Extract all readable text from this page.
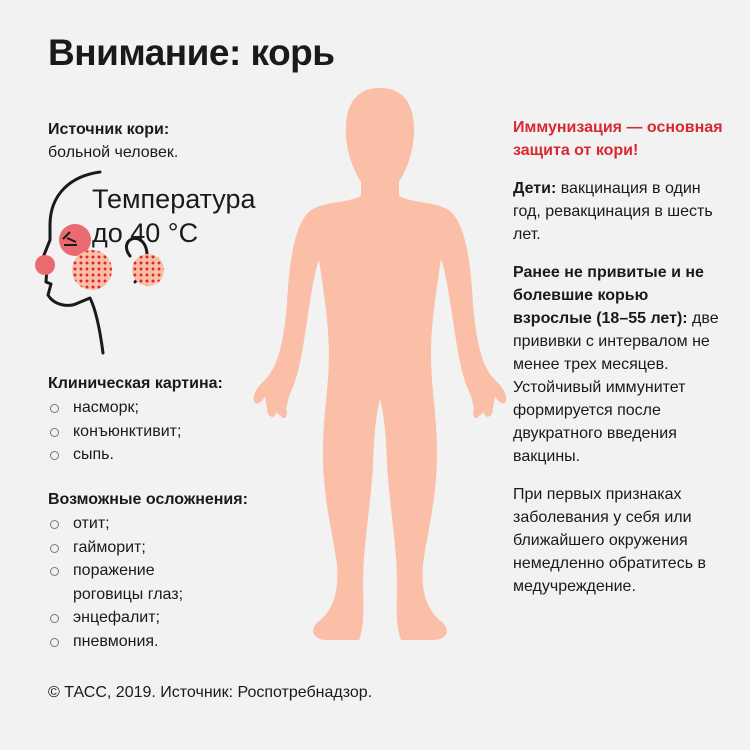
Внимание: корь
Источник кори:
больной человек.
Температура
до 40 °С
Клиническая картина:
насморк;
конъюнктивит;
сыпь.
Возможные осложнения:
отит;
гайморит;
поражение роговицы глаз;
энцефалит;
пневмония.

Иммунизация — основная защита от кори!

Дети: вакцинация в один год, ревакцинация в шесть лет.

Ранее не привитые и не болевшие корью взрослые (18–55 лет): две прививки с интервалом не менее трех месяцев. Устойчивый иммунитет формируется после двукратного введения вакцины.

При первых признаках заболевания у себя или ближайшего окружения немедленно обратитесь в медучреждение.

© ТАСС, 2019. Источник: Роспотребнадзор.
